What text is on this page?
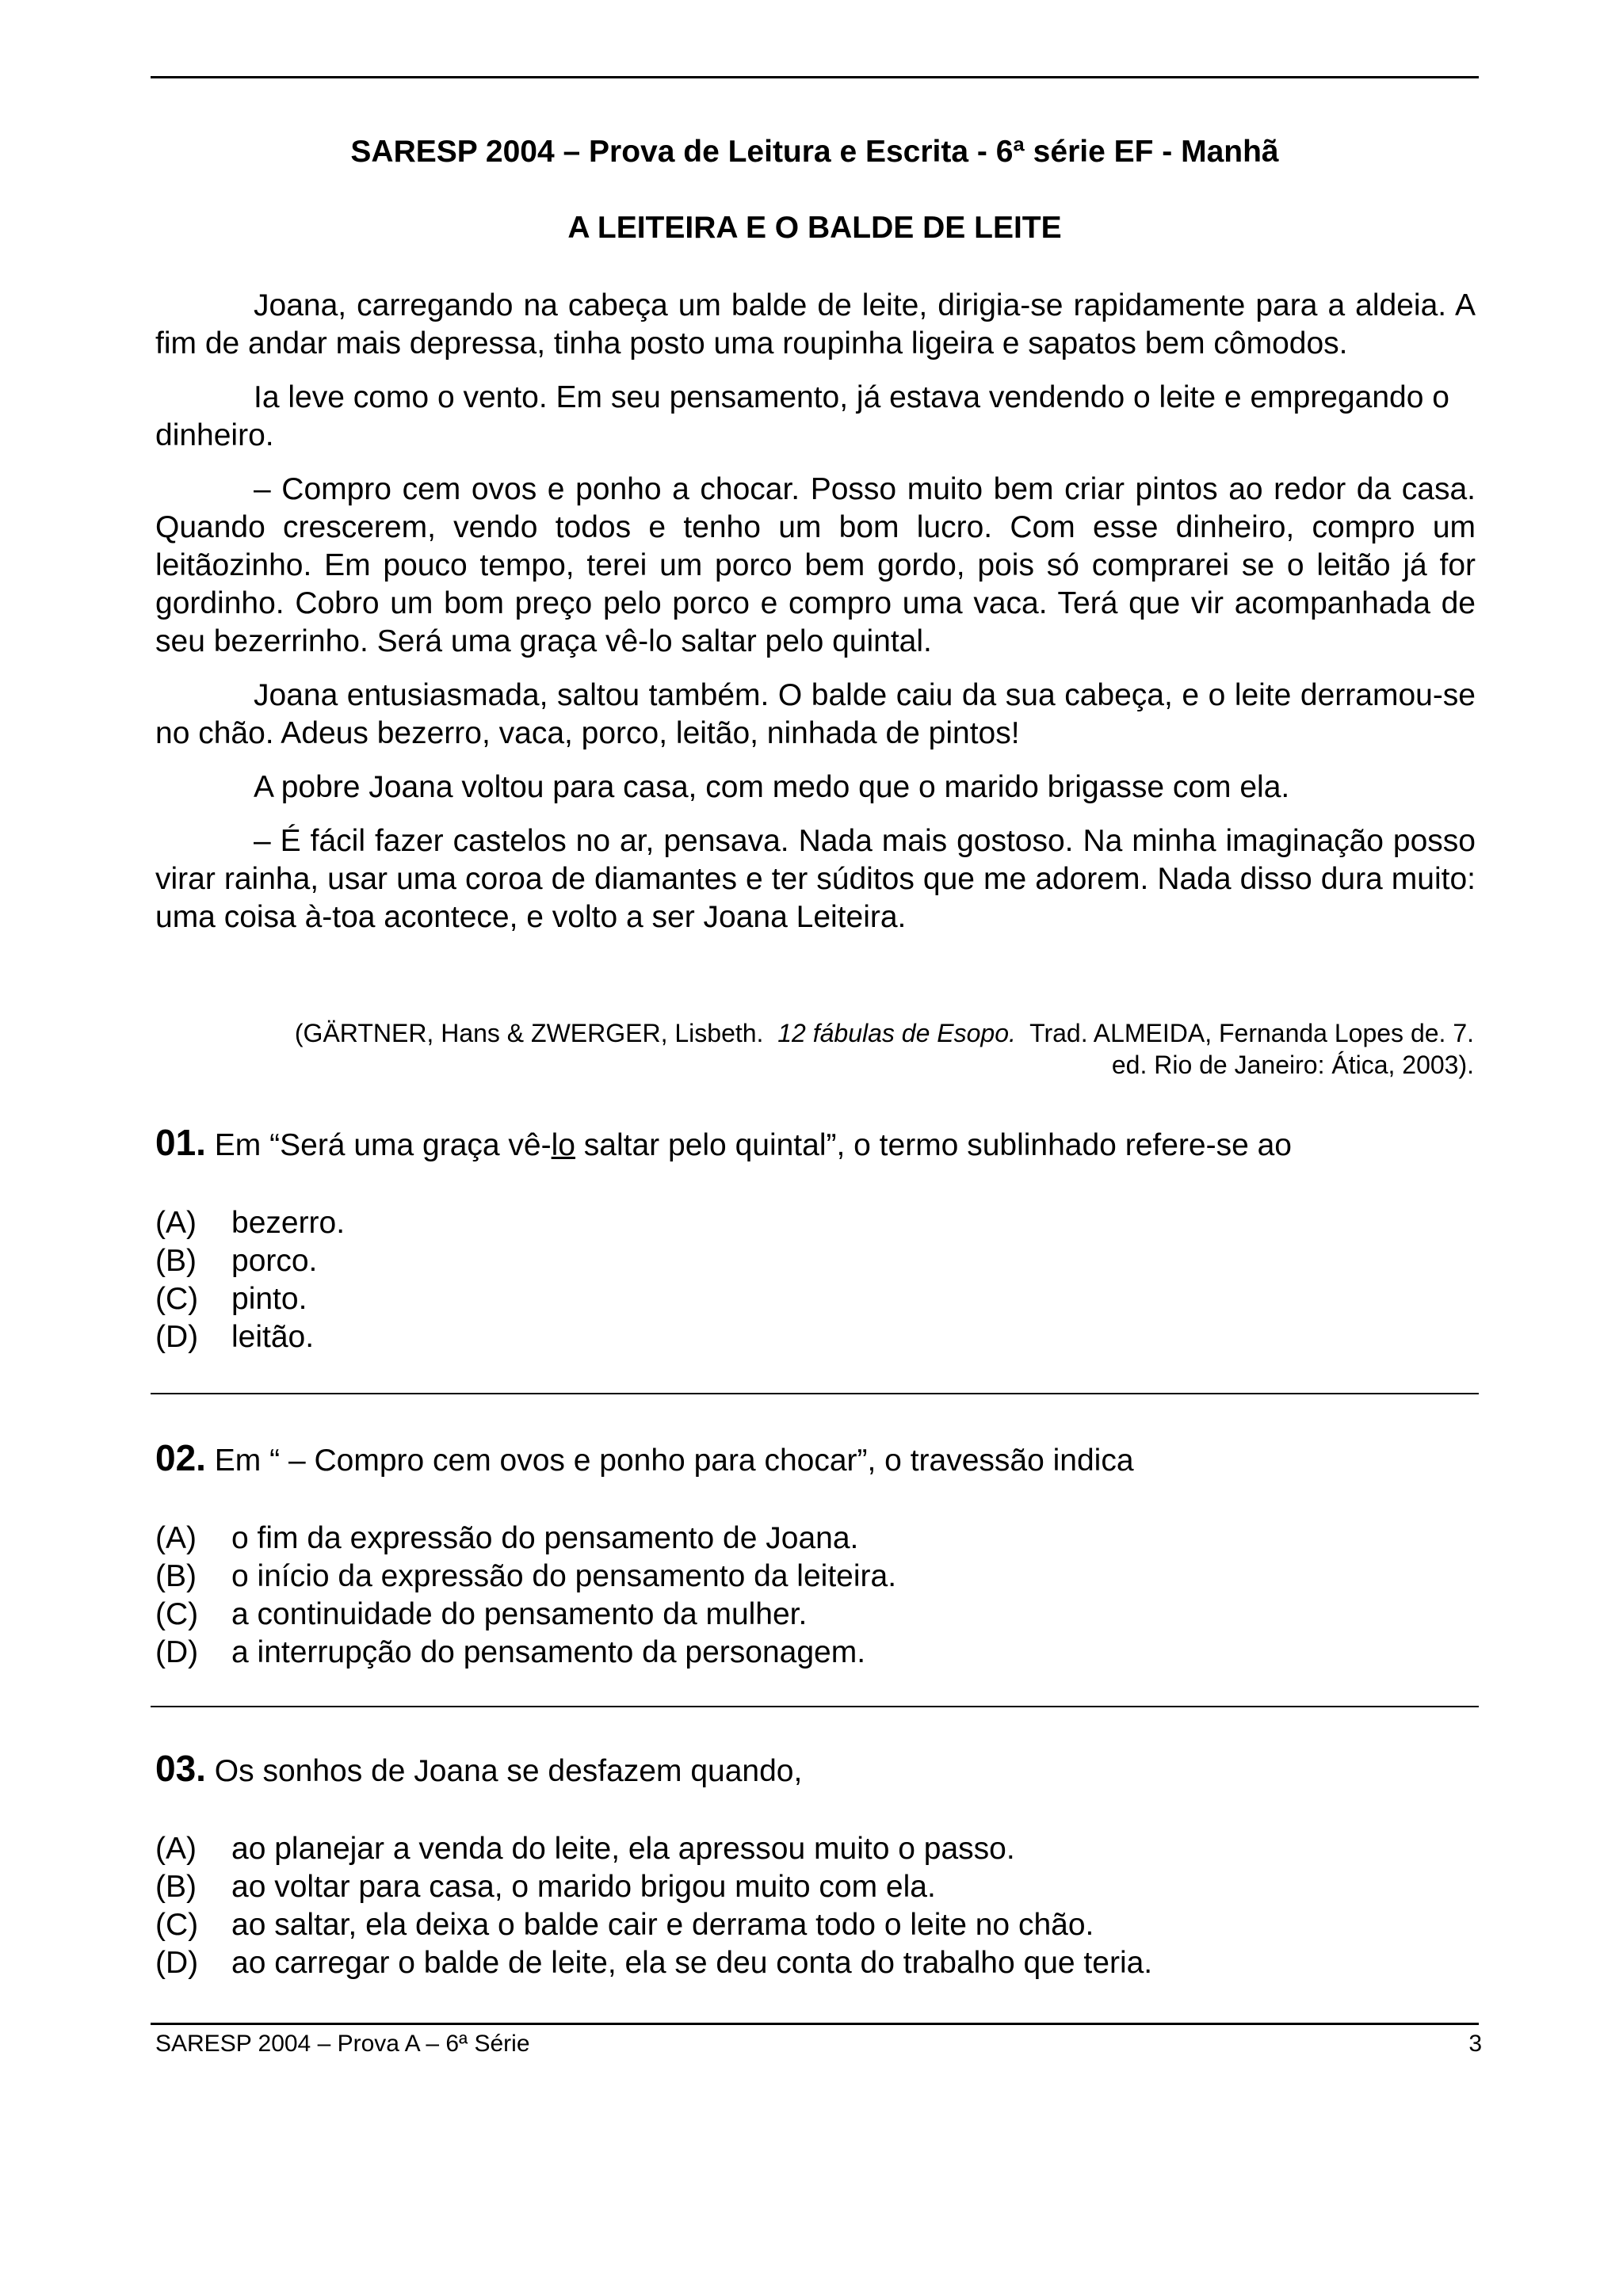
SARESP 2004 – Prova de Leitura e Escrita - 6ª série EF - Manhã
A LEITEIRA E O BALDE DE LEITE

Joana, carregando na cabeça um balde de leite, dirigia-se rapidamente para a aldeia. A fim de andar mais depressa, tinha posto uma roupinha ligeira e sapatos bem cômodos.

Ia leve como o vento. Em seu pensamento, já estava vendendo o leite e empregando o dinheiro.

– Compro cem ovos e ponho a chocar. Posso muito bem criar pintos ao redor da casa. Quando crescerem, vendo todos e tenho um bom lucro. Com esse dinheiro, compro um leitãozinho. Em pouco tempo, terei um porco bem gordo, pois só comprarei se o leitão já for gordinho. Cobro um bom preço pelo porco e compro uma vaca. Terá que vir acompanhada de seu bezerrinho. Será uma graça vê-lo saltar pelo quintal.

Joana entusiasmada, saltou também. O balde caiu da sua cabeça, e o leite derramou-se no chão. Adeus bezerro, vaca, porco, leitão, ninhada de pintos!

A pobre Joana voltou para casa, com medo que o marido brigasse com ela.

– É fácil fazer castelos no ar, pensava. Nada mais gostoso. Na minha imaginação posso virar rainha, usar uma coroa de diamantes e ter súditos que me adorem. Nada disso dura muito: uma coisa à-toa acontece, e volto a ser Joana Leiteira.

(GÄRTNER, Hans & ZWERGER, Lisbeth. 12 fábulas de Esopo. Trad. ALMEIDA, Fernanda Lopes de. 7.
ed. Rio de Janeiro: Ática, 2003).
01. Em “Será uma graça vê-lo saltar pelo quintal”, o termo sublinhado refere-se ao
(A)	bezerro.
(B)	porco.
(C)	pinto.
(D)	leitão.
02. Em “ – Compro cem ovos e ponho para chocar”, o travessão indica
(A)	o fim da expressão do pensamento de Joana.
(B)	o início da expressão do pensamento da leiteira.
(C)	a continuidade do pensamento da mulher.
(D)	a interrupção do pensamento da personagem.
03. Os sonhos de Joana se desfazem quando,
(A)	ao planejar a venda do leite, ela apressou muito o passo.
(B)	ao voltar para casa, o marido brigou muito com ela.
(C)	ao saltar, ela deixa o balde cair e derrama todo o leite no chão.
(D)	ao carregar o balde de leite, ela se deu conta do trabalho que teria.
SARESP 2004 – Prova A – 6ª Série	3
